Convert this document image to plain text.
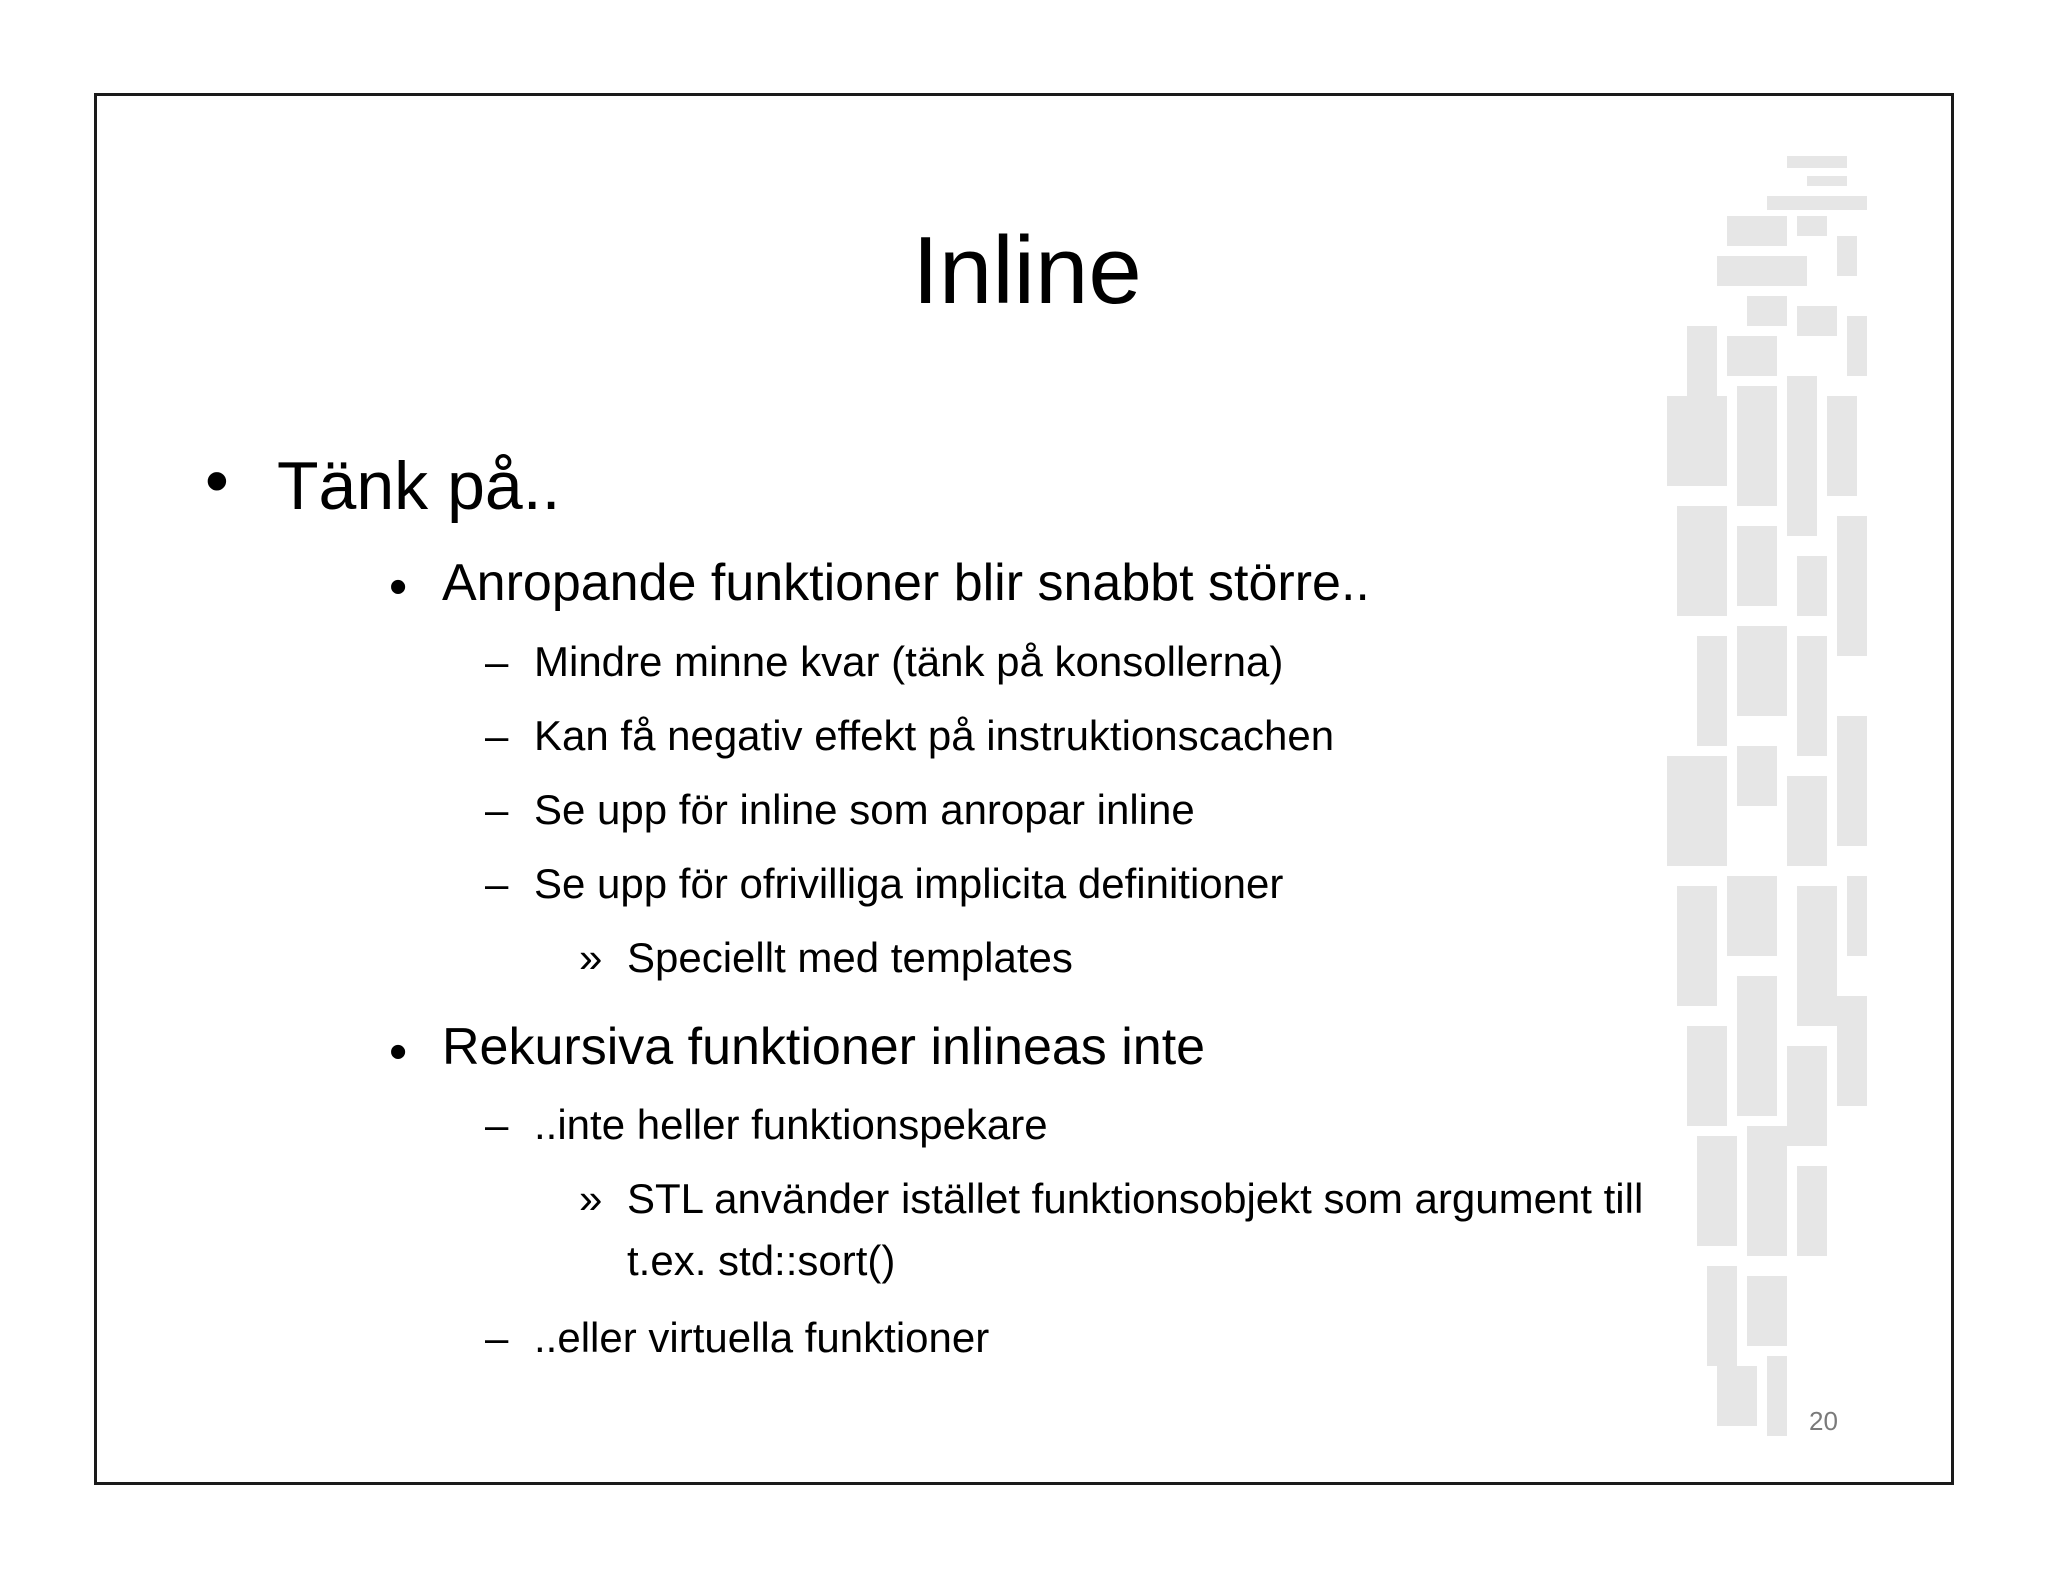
Inline
• Tänk på..
• Anropande funktioner blir snabbt större..
– Mindre minne kvar (tänk på konsollerna)
– Kan få negativ effekt på instruktionscachen
– Se upp för inline som anropar inline
– Se upp för ofrivilliga implicita definitioner
» Speciellt med templates
• Rekursiva funktioner inlineas inte
– ..inte heller funktionspekare
» STL använder istället funktionsobjekt som argument till
t.ex. std::sort()
– ..eller virtuella funktioner
20
